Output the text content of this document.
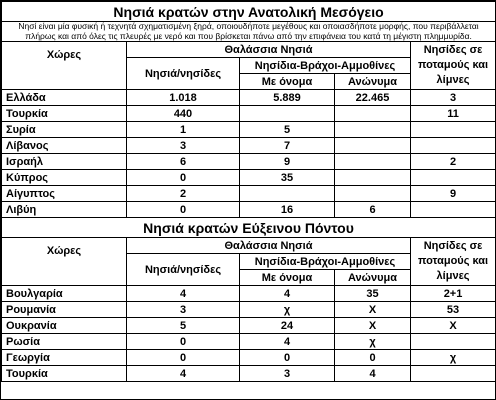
Νησιά κρατών στην Ανατολική Μεσόγειο				
Νησί είναι μία φυσική ή τεχνητά σχηματισμένη ξηρά, οποιουδήποτε μεγέθους και οποιασδήποτε μορφής, που περιβάλλεται πλήρως και από όλες τις πλευρές με νερό και που βρίσκεται πάνω από την επιφάνεια του κατά τη μέγιστη πλημμυρίδα.				
Χώρες	Θαλάσσια Νησιά			Νησίδες σε ποταμούς και λίμνες
	Νησιά/νησίδες	Νησίδια-Βράχοι-Αμμοθίνες		
		Με όνομα	Ανώνυμα	
Ελλάδα	1.018	5.889	22.465	3
Τουρκία	440			11
Συρία	1	5		
Λίβανος	3	7		
Ισραήλ	6	9		2
Κύπρος	0	35		
Αίγυπτος	2			9
Λιβύη	0	16	6	
Νησιά κρατών Εύξεινου Πόντου				
Χώρες	Θαλάσσια Νησιά			Νησίδες σε ποταμούς και λίμνες
	Νησιά/νησίδες	Νησίδια-Βράχοι-Αμμοθίνες		
		Με όνομα	Ανώνυμα	
Βουλγαρία	4	4	35	2+1
Ρουμανία	3	χ	Χ	53
Ουκρανία	5	24	Χ	Χ
Ρωσία	0	4	χ	
Γεωργία	0	0	0	χ
Τουρκία	4	3	4	
